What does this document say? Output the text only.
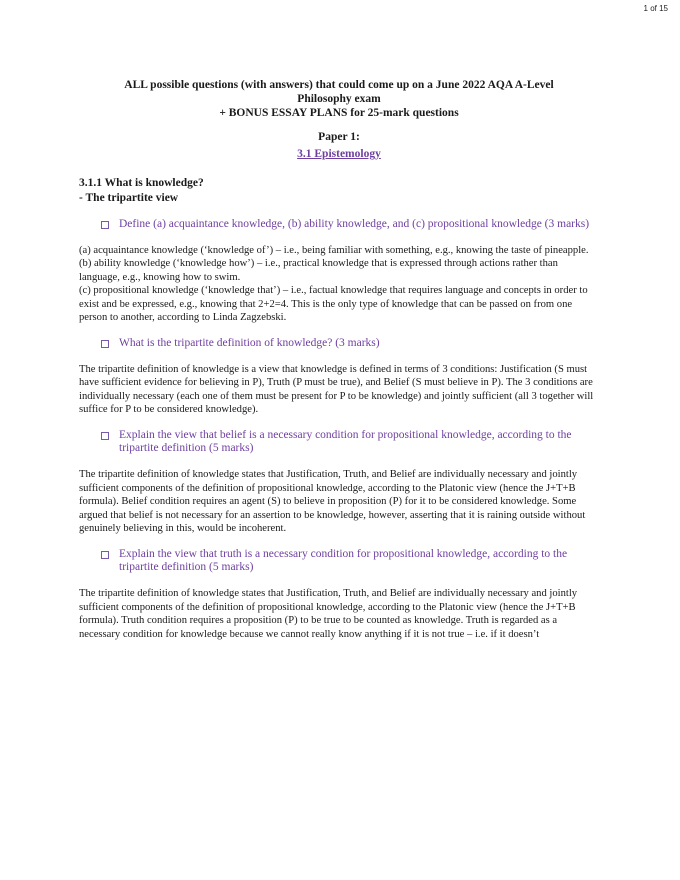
1 of 15

ALL possible questions (with answers) that could come up on a June 2022 AQA A-Level
Philosophy exam
+ BONUS ESSAY PLANS for 25-mark questions

Paper 1:
3.1 Epistemology
3.1.1 What is knowledge?
- The tripartite view
Define (a) acquaintance knowledge, (b) ability knowledge, and (c) propositional knowledge (3 marks)

(a) acquaintance knowledge (‘knowledge of’) – i.e., being familiar with something, e.g., knowing the taste of pineapple.

(b) ability knowledge (‘knowledge how’) – i.e., practical knowledge that is expressed through actions rather than language, e.g., knowing how to swim.

(c) propositional knowledge (‘knowledge that’) – i.e., factual knowledge that requires language and concepts in order to exist and be expressed, e.g., knowing that 2+2=4. This is the only type of knowledge that can be passed on from one person to another, according to Linda Zagzebski.

What is the tripartite definition of knowledge? (3 marks)

The tripartite definition of knowledge is a view that knowledge is defined in terms of 3 conditions: Justification (S must have sufficient evidence for believing in P), Truth (P must be true), and Belief (S must believe in P). The 3 conditions are individually necessary (each one of them must be present for P to be knowledge) and jointly sufficient (all 3 together will suffice for P to be considered knowledge).

Explain the view that belief is a necessary condition for propositional knowledge, according to the tripartite definition (5 marks)

The tripartite definition of knowledge states that Justification, Truth, and Belief are individually necessary and jointly sufficient components of the definition of propositional knowledge, according to the Platonic view (hence the J+T+B formula). Belief condition requires an agent (S) to believe in proposition (P) for it to be considered knowledge. Some argued that belief is not necessary for an assertion to be knowledge, however, asserting that it is raining outside without genuinely believing in this, would be incoherent.

Explain the view that truth is a necessary condition for propositional knowledge, according to the tripartite definition (5 marks)

The tripartite definition of knowledge states that Justification, Truth, and Belief are individually necessary and jointly sufficient components of the definition of propositional knowledge, according to the Platonic view (hence the J+T+B formula). Truth condition requires a proposition (P) to be true to be counted as knowledge. Truth is regarded as a necessary condition for knowledge because we cannot really know anything if it is not true – i.e. if it doesn’t
